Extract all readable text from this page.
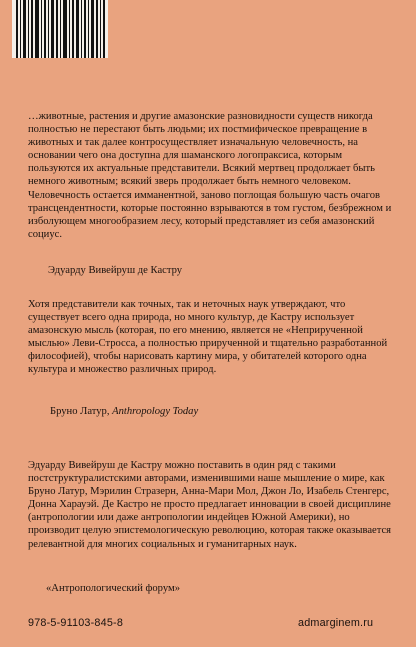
…животные, растения и другие амазонские разновидности существ никогда полностью не перестают быть людьми; их постмифическое превращение в животных и так далее контросуществляет изначальную человечность, на основании чего она доступна для шаманского логопраксиса, которым пользуются их актуальные представители. Всякий мертвец продолжает быть немного животным; всякий зверь продолжает быть немного человеком. Человечность остается имманентной, заново поглощая большую часть очагов трансцендентности, которые постоянно взрываются в том густом, безбрежном и изболующем многообразием лесу, который представляет из себя амазонский социус.

Эдуарду Вивейруш де Кастру

Хотя представители как точных, так и неточных наук утверждают, что существует всего одна природа, но много культур, де Кастру использует амазонскую мысль (которая, по его мнению, является не «Неприрученной мыслью» Леви-Стросса, а полностью прирученной и тщательно разработанной философией), чтобы нарисовать картину мира, у обитателей которого одна культура и множество различных природ.

Бруно Латур, Anthropology Today

Эдуарду Вивейруш де Кастру можно поставить в один ряд с такими постструктуралистскими авторами, изменившими наше мышление о мире, как Бруно Латур, Мэрилин Стразерн, Анна-Мари Мол, Джон Ло, Изабель Стенгерс, Донна Харауэй. Де Кастро не просто предлагает инновации в своей дисциплине (антропологии или даже антропологии индейцев Южной Америки), но производит целую эпистемологическую революцию, которая также оказывается релевантной для многих социальных и гуманитарных наук.

«Антропологический форум»

978-5-91103-845-8	admarginem.ru
